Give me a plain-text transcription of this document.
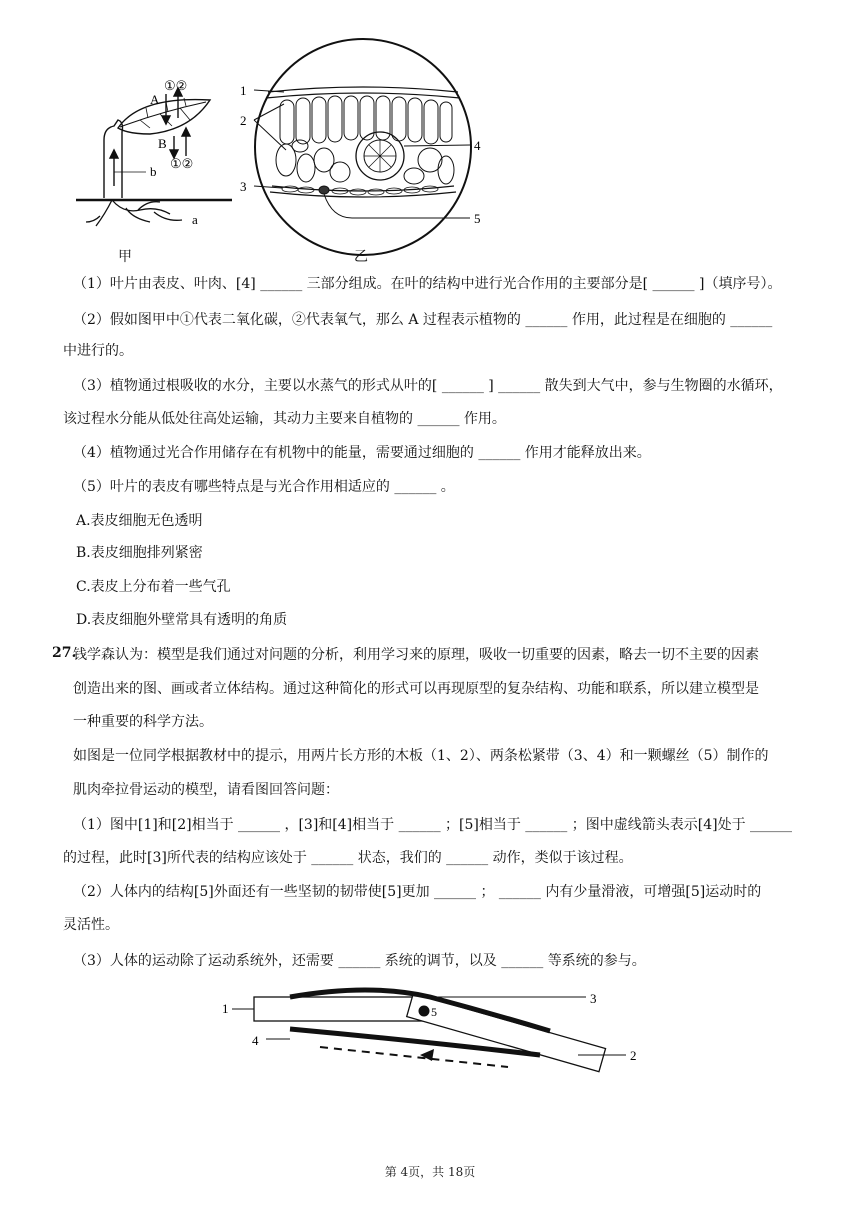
①②
A
B
①②
b
a
1
2
3
4
5
甲	乙

（1）叶片由表皮、叶肉、[4] ______ 三部分组成。在叶的结构中进行光合作用的主要部分是[ ______ ]（填序号）。

（2）假如图甲中①代表二氧化碳，②代表氧气，那么 A 过程表示植物的 ______ 作用，此过程是在细胞的 ______

中进行的。

（3）植物通过根吸收的水分，主要以水蒸气的形式从叶的[ ______ ] ______ 散失到大气中，参与生物圈的水循环，

该过程水分能从低处往高处运输，其动力主要来自植物的 ______ 作用。

（4）植物通过光合作用储存在有机物中的能量，需要通过细胞的 ______ 作用才能释放出来。

（5）叶片的表皮有哪些特点是与光合作用相适应的 ______ 。

A.表皮细胞无色透明

B.表皮细胞排列紧密

C.表皮上分布着一些气孔

D.表皮细胞外壁常具有透明的角质

27.

钱学森认为：模型是我们通过对问题的分析，利用学习来的原理，吸收一切重要的因素，略去一切不主要的因素

创造出来的图、画或者立体结构。通过这种简化的形式可以再现原型的复杂结构、功能和联系，所以建立模型是

一种重要的科学方法。

如图是一位同学根据教材中的提示，用两片长方形的木板（1、2）、两条松紧带（3、4）和一颗螺丝（5）制作的

肌肉牵拉骨运动的模型，请看图回答问题：

（1）图中[1]和[2]相当于 ______ ，[3]和[4]相当于 ______ ；[5]相当于 ______ ；图中虚线箭头表示[4]处于 ______

的过程，此时[3]所代表的结构应该处于 ______ 状态，我们的 ______ 动作，类似于该过程。

（2）人体内的结构[5]外面还有一些坚韧的韧带使[5]更加 ______ ； ______ 内有少量滑液，可增强[5]运动时的

灵活性。

（3）人体的运动除了运动系统外，还需要 ______ 系统的调节，以及 ______ 等系统的参与。

1
3
4
5
2
第 4页，共 18页
